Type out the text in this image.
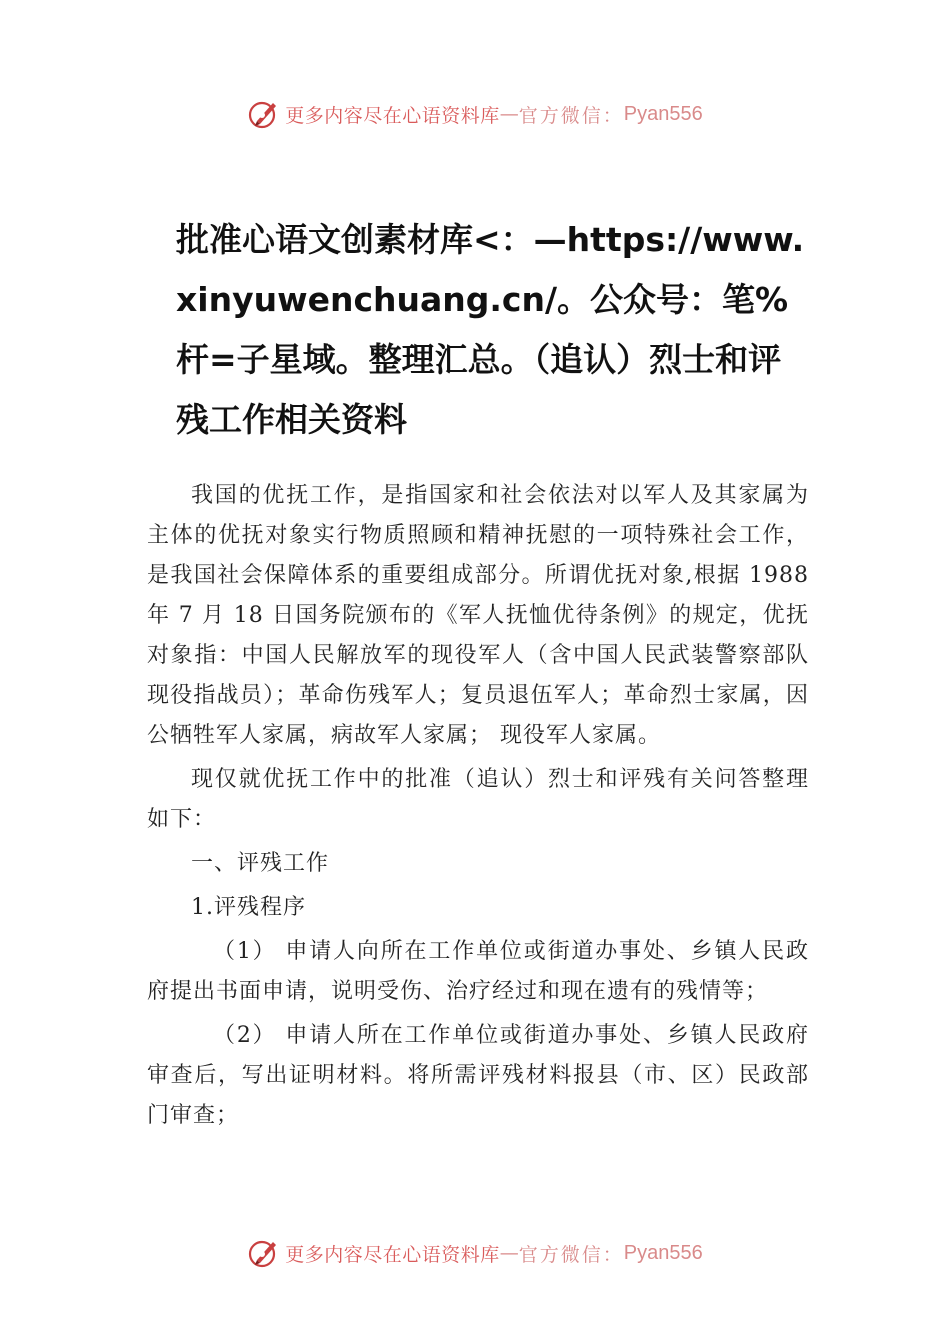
更多内容尽在心语资料库 — 官方微信： Pyan556
批准心语文创素材库<：—https://www.xinyuwenchuang.cn/。公众号：笔%杆=子星域。整理汇总。（追认）烈士和评残工作相关资料

我国的优抚工作，是指国家和社会依法对以军人及其家属为主体的优抚对象实行物质照顾和精神抚慰的一项特殊社会工作，是我国社会保障体系的重要组成部分。所谓优抚对象,根据 1988 年 7 月 18 日国务院颁布的《军人抚恤优待条例》的规定，优抚对象指：中国人民解放军的现役军人（含中国人民武装警察部队现役指战员）；革命伤残军人；复员退伍军人；革命烈士家属，因公牺牲军人家属，病故军人家属； 现役军人家属。

现仅就优抚工作中的批准（追认）烈士和评残有关问答整理如下：

一、评残工作

1.评残程序

（1） 申请人向所在工作单位或街道办事处、乡镇人民政府提出书面申请，说明受伤、治疗经过和现在遗有的残情等；

（2） 申请人所在工作单位或街道办事处、乡镇人民政府审查后，写出证明材料。将所需评残材料报县（市、区）民政部门审查；

更多内容尽在心语资料库 — 官方微信： Pyan556
